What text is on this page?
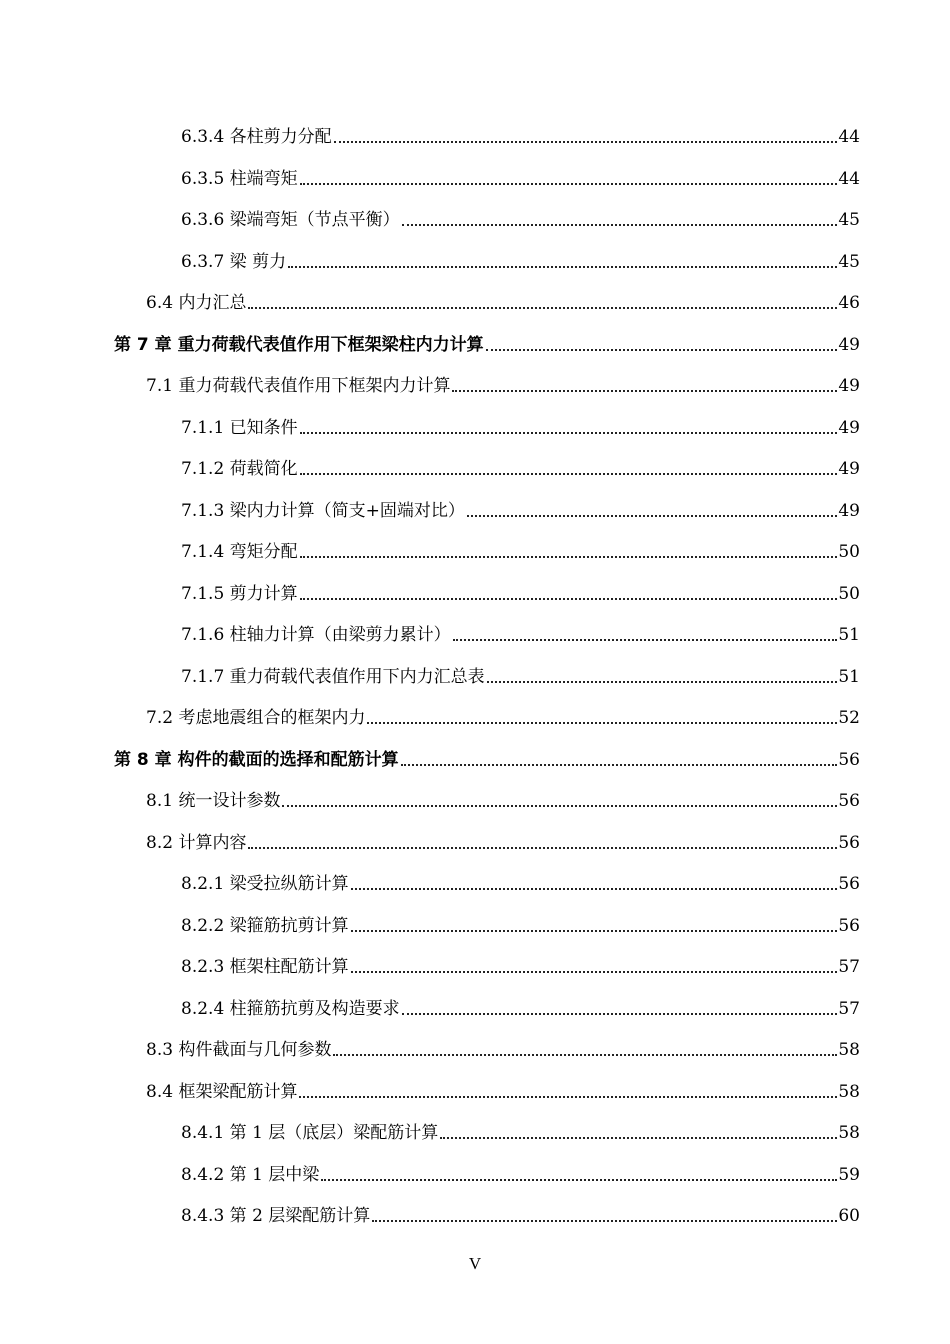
6.3.4 各柱剪力分配	44
6.3.5 柱端弯矩	44
6.3.6 梁端弯矩（节点平衡）	45
6.3.7 梁 剪力	45
6.4 内力汇总	46
第 7 章 重力荷载代表值作用下框架梁柱内力计算	49
7.1 重力荷载代表值作用下框架内力计算	49
7.1.1 已知条件	49
7.1.2 荷载简化	49
7.1.3 梁内力计算（简支+固端对比）	49
7.1.4 弯矩分配	50
7.1.5 剪力计算	50
7.1.6 柱轴力计算（由梁剪力累计）	51
7.1.7 重力荷载代表值作用下内力汇总表	51
7.2 考虑地震组合的框架内力	52
第 8 章 构件的截面的选择和配筋计算	56
8.1 统一设计参数	56
8.2 计算内容	56
8.2.1 梁受拉纵筋计算	56
8.2.2 梁箍筋抗剪计算	56
8.2.3 框架柱配筋计算	57
8.2.4 柱箍筋抗剪及构造要求	57
8.3 构件截面与几何参数	58
8.4 框架梁配筋计算	58
8.4.1 第 1 层（底层）梁配筋计算	58
8.4.2 第 1 层中梁	59
8.4.3 第 2 层梁配筋计算	60
V
